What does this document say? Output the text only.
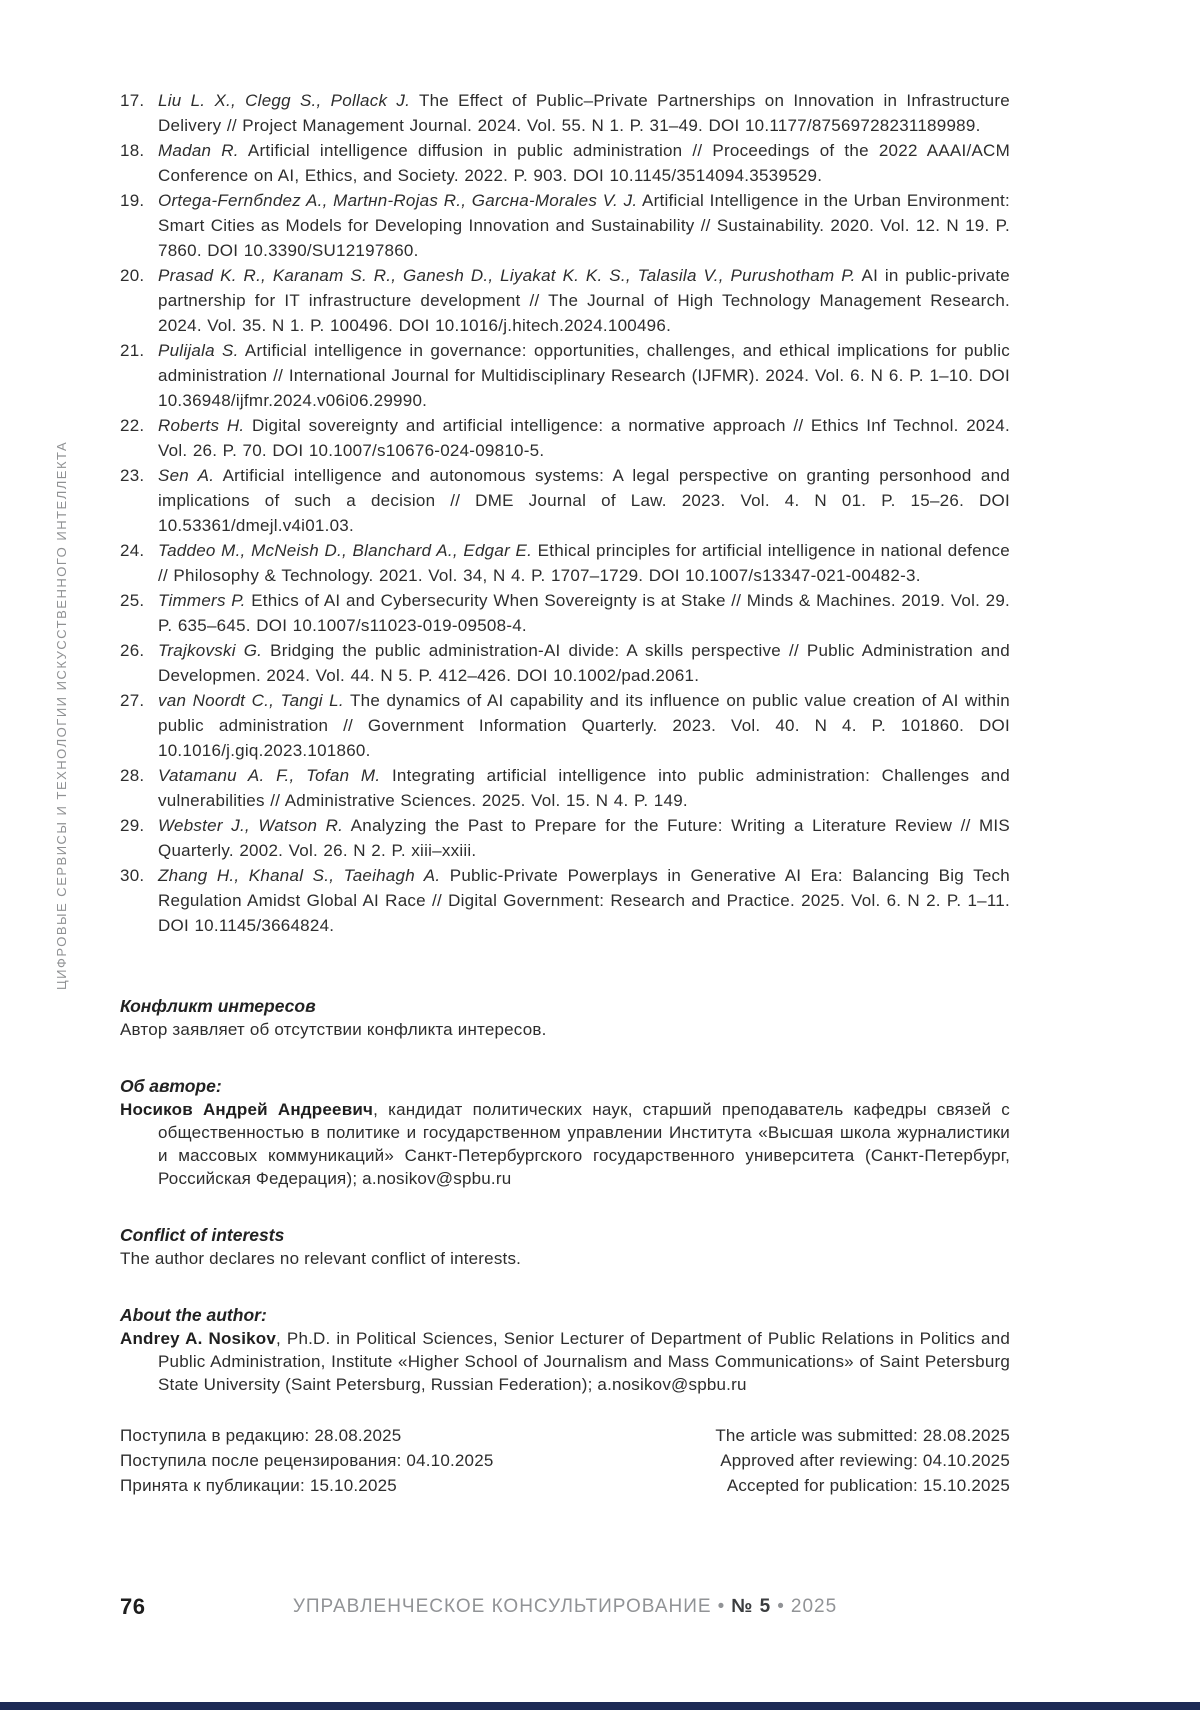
ЦИФРОВЫЕ СЕРВИСЫ И ТЕХНОЛОГИИ ИСКУССТВЕННОГО ИНТЕЛЛЕКТА
17. Liu L. X., Clegg S., Pollack J. The Effect of Public–Private Partnerships on Innovation in Infrastructure Delivery // Project Management Journal. 2024. Vol. 55. N 1. P. 31–49. DOI 10.1177/87569728231189989.
18. Madan R. Artificial intelligence diffusion in public administration // Proceedings of the 2022 AAAI/ACM Conference on AI, Ethics, and Society. 2022. P. 903. DOI 10.1145/3514094.3539529.
19. Ortega-Fernбndez A., Martнn-Rojas R., Garcна-Morales V. J. Artificial Intelligence in the Urban Environment: Smart Cities as Models for Developing Innovation and Sustainability // Sustainability. 2020. Vol. 12. N 19. P. 7860. DOI 10.3390/SU12197860.
20. Prasad K. R., Karanam S. R., Ganesh D., Liyakat K. K. S., Talasila V., Purushotham P. AI in public-private partnership for IT infrastructure development // The Journal of High Technology Management Research. 2024. Vol. 35. N 1. P. 100496. DOI 10.1016/j.hitech.2024.100496.
21. Pulijala S. Artificial intelligence in governance: opportunities, challenges, and ethical implications for public administration // International Journal for Multidisciplinary Research (IJFMR). 2024. Vol. 6. N 6. P. 1–10. DOI 10.36948/ijfmr.2024.v06i06.29990.
22. Roberts H. Digital sovereignty and artificial intelligence: a normative approach // Ethics Inf Technol. 2024. Vol. 26. P. 70. DOI 10.1007/s10676-024-09810-5.
23. Sen A. Artificial intelligence and autonomous systems: A legal perspective on granting personhood and implications of such a decision // DME Journal of Law. 2023. Vol. 4. N 01. P. 15–26. DOI 10.53361/dmejl.v4i01.03.
24. Taddeo M., McNeish D., Blanchard A., Edgar E. Ethical principles for artificial intelligence in national defence // Philosophy & Technology. 2021. Vol. 34, N 4. P. 1707–1729. DOI 10.1007/s13347-021-00482-3.
25. Timmers P. Ethics of AI and Cybersecurity When Sovereignty is at Stake // Minds & Machines. 2019. Vol. 29. P. 635–645. DOI 10.1007/s11023-019-09508-4.
26. Trajkovski G. Bridging the public administration-AI divide: A skills perspective // Public Administration and Developmen. 2024. Vol. 44. N 5. P. 412–426. DOI 10.1002/pad.2061.
27. van Noordt C., Tangi L. The dynamics of AI capability and its influence on public value creation of AI within public administration // Government Information Quarterly. 2023. Vol. 40. N 4. P. 101860. DOI 10.1016/j.giq.2023.101860.
28. Vatamanu A. F., Tofan M. Integrating artificial intelligence into public administration: Challenges and vulnerabilities // Administrative Sciences. 2025. Vol. 15. N 4. P. 149.
29. Webster J., Watson R. Analyzing the Past to Prepare for the Future: Writing a Literature Review // MIS Quarterly. 2002. Vol. 26. N 2. P. xiii–xxiii.
30. Zhang H., Khanal S., Taeihagh A. Public-Private Powerplays in Generative AI Era: Balancing Big Tech Regulation Amidst Global AI Race // Digital Government: Research and Practice. 2025. Vol. 6. N 2. P. 1–11. DOI 10.1145/3664824.

Конфликт интересов

Автор заявляет об отсутствии конфликта интересов.

Об авторе:

Носиков Андрей Андреевич, кандидат политических наук, старший преподаватель кафедры связей с общественностью в политике и государственном управлении Института «Высшая школа журналистики и массовых коммуникаций» Санкт-Петербургского государственного университета (Санкт-Петербург, Российская Федерация); a.nosikov@spbu.ru

Conflict of interests

The author declares no relevant conflict of interests.

About the author:

Andrey A. Nosikov, Ph.D. in Political Sciences, Senior Lecturer of Department of Public Relations in Politics and Public Administration, Institute «Higher School of Journalism and Mass Communications» of Saint Petersburg State University (Saint Petersburg, Russian Federation); a.nosikov@spbu.ru

Поступила в редакцию: 28.08.2025
Поступила после рецензирования: 04.10.2025
Принята к публикации: 15.10.2025
The article was submitted: 28.08.2025
Approved after reviewing: 04.10.2025
Accepted for publication: 15.10.2025
76	УПРАВЛЕНЧЕСКОЕ КОНСУЛЬТИРОВАНИЕ • № 5 • 2025
